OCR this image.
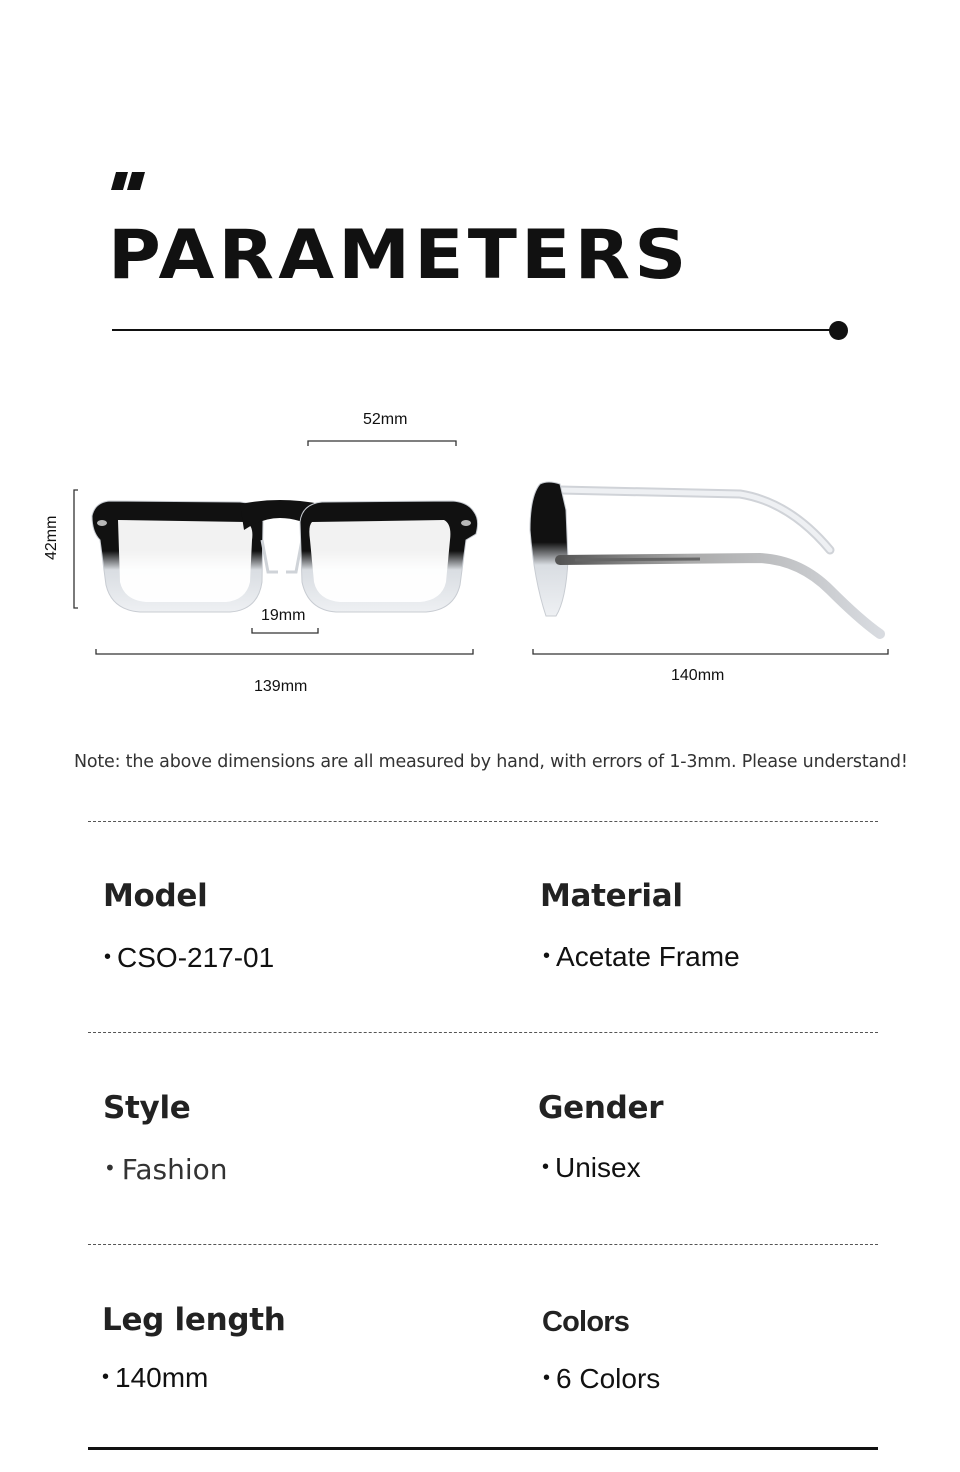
PARAMETERS
52mm
42mm
19mm
139mm
140mm
Note: the above dimensions are all measured by hand, with errors of 1-3mm. Please understand!
Model
• CSO-217-01
Material
• Acetate Frame
Style
• Fashion
Gender
• Unisex
Leg length
• 140mm
Colors
• 6 Colors
